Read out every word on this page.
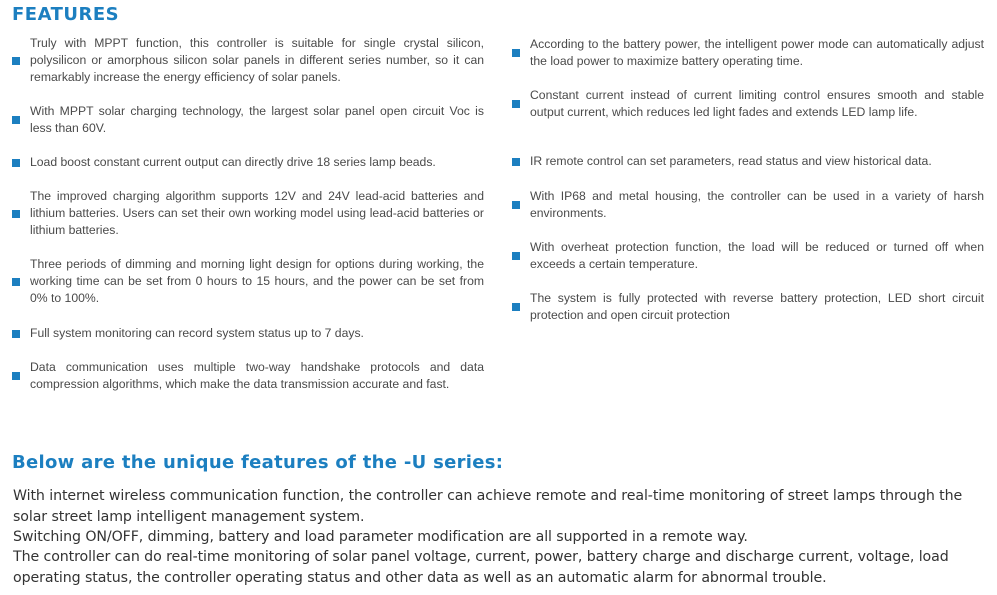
FEATURES

Truly with MPPT function, this controller is suitable for single crystal silicon, polysilicon or amorphous silicon solar panels in different series number, so it can remarkably increase the energy efficiency of solar panels.

With MPPT solar charging technology, the largest solar panel open circuit Voc is less than 60V.

Load boost constant current output can directly drive 18 series lamp beads.

The improved charging algorithm supports 12V and 24V lead-acid batteries and lithium batteries. Users can set their own working model using lead-acid batteries or lithium batteries.

Three periods of dimming and morning light design for options during working, the working time can be set from 0 hours to 15 hours, and the power can be set from 0% to 100%.

Full system monitoring can record system status up to 7 days.

Data communication uses multiple two-way handshake protocols and data compression algorithms, which make the data transmission accurate and fast.

According to the battery power, the intelligent power mode can automatically adjust the load power to maximize battery operating time.

Constant current instead of current limiting control ensures smooth and stable output current, which reduces led light fades and extends LED lamp life.

IR remote control can set parameters, read status and view historical data.

With IP68 and metal housing, the controller can be used in a variety of harsh environments.

With overheat protection function, the load will be reduced or turned off when exceeds a certain temperature.

The system is fully protected with reverse battery protection, LED short circuit protection and open circuit protection

Below are the unique features of the -U series:

With internet wireless communication function, the controller can achieve remote and real-time monitoring of street lamps through the solar street lamp intelligent management system.

Switching ON/OFF, dimming, battery and load parameter modification are all supported in a remote way.

The controller can do real-time monitoring of solar panel voltage, current, power, battery charge and discharge current, voltage, load operating status, the controller operating status and other data as well as an automatic alarm for abnormal trouble.
